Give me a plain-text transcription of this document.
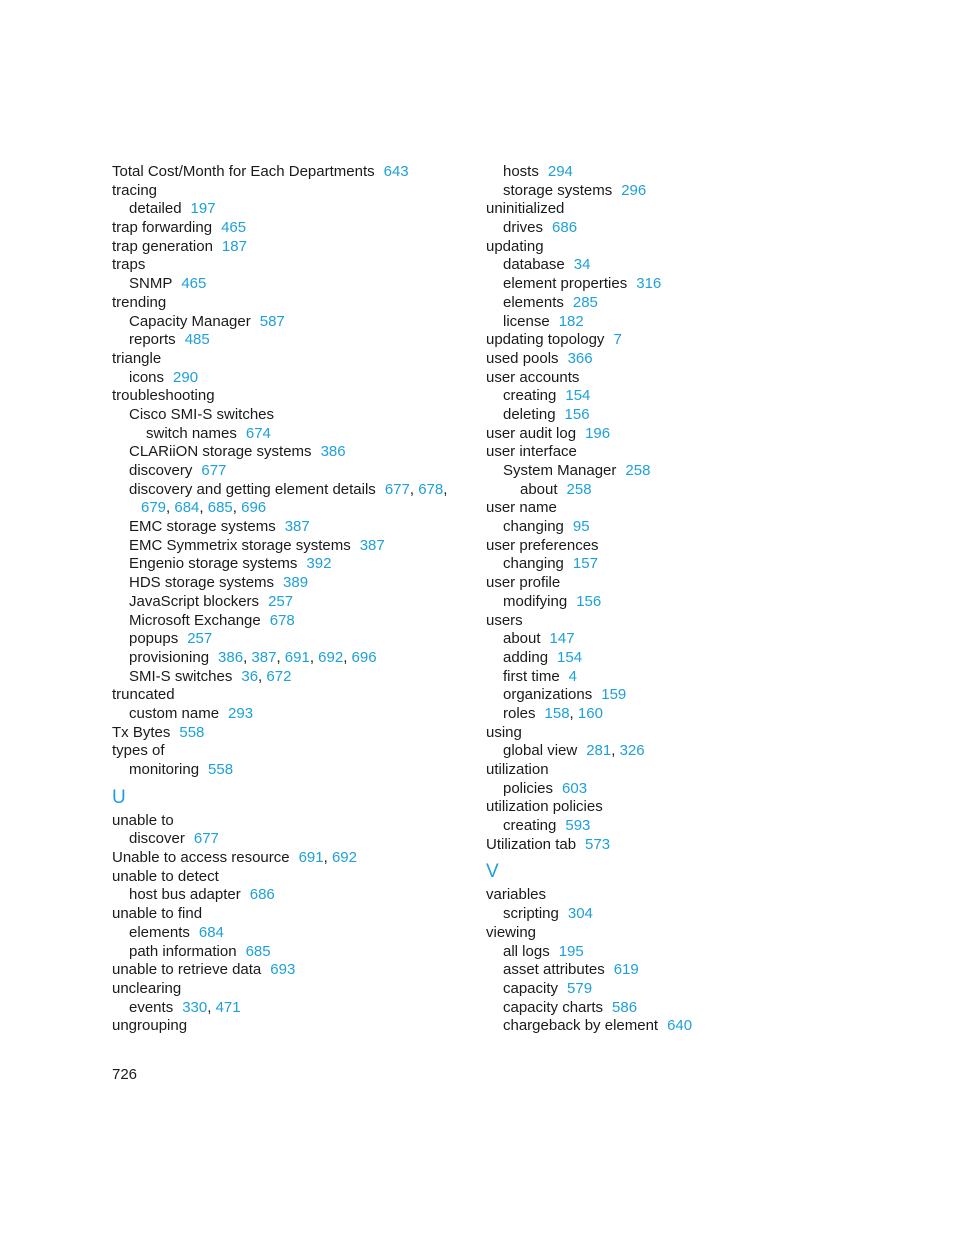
Total Cost/Month for Each Departments 643
tracing
detailed 197
trap forwarding 465
trap generation 187
traps
SNMP 465
trending
Capacity Manager 587
reports 485
triangle
icons 290
troubleshooting
Cisco SMI-S switches
switch names 674
CLARiiON storage systems 386
discovery 677
discovery and getting element details 677, 678,
679, 684, 685, 696
EMC storage systems 387
EMC Symmetrix storage systems 387
Engenio storage systems 392
HDS storage systems 389
JavaScript blockers 257
Microsoft Exchange 678
popups 257
provisioning 386, 387, 691, 692, 696
SMI-S switches 36, 672
truncated
custom name 293
Tx Bytes 558
types of
monitoring 558
U
unable to
discover 677
Unable to access resource 691, 692
unable to detect
host bus adapter 686
unable to find
elements 684
path information 685
unable to retrieve data 693
unclearing
events 330, 471
ungrouping
hosts 294
storage systems 296
uninitialized
drives 686
updating
database 34
element properties 316
elements 285
license 182
updating topology 7
used pools 366
user accounts
creating 154
deleting 156
user audit log 196
user interface
System Manager 258
about 258
user name
changing 95
user preferences
changing 157
user profile
modifying 156
users
about 147
adding 154
first time 4
organizations 159
roles 158, 160
using
global view 281, 326
utilization
policies 603
utilization policies
creating 593
Utilization tab 573
V
variables
scripting 304
viewing
all logs 195
asset attributes 619
capacity 579
capacity charts 586
chargeback by element 640
726
